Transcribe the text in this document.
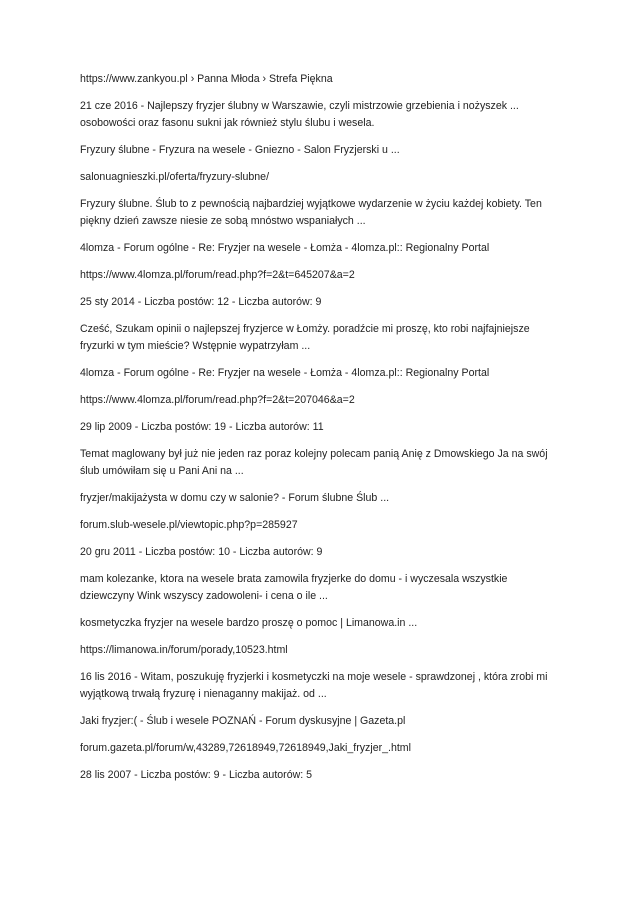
https://www.zankyou.pl › Panna Młoda › Strefa Piękna

21 cze 2016 - Najlepszy fryzjer ślubny w Warszawie, czyli mistrzowie grzebienia i nożyszek ...
osobowości oraz fasonu sukni jak również stylu ślubu i wesela.

Fryzury ślubne - Fryzura na wesele - Gniezno - Salon Fryzjerski u ...

salonuagnieszki.pl/oferta/fryzury-slubne/

Fryzury ślubne. Ślub to z pewnością najbardziej wyjątkowe wydarzenie w życiu każdej kobiety. Ten
piękny dzień zawsze niesie ze sobą mnóstwo wspaniałych ...

4lomza - Forum ogólne - Re: Fryzjer na wesele - Łomża - 4lomza.pl:: Regionalny Portal

https://www.4lomza.pl/forum/read.php?f=2&t=645207&a=2

25 sty 2014 - Liczba postów: 12 - Liczba autorów: 9

Cześć, Szukam opinii o najlepszej fryzjerce w Łomży. poradźcie mi proszę, kto robi najfajniejsze
fryzurki w tym mieście? Wstępnie wypatrzyłam ...

4lomza - Forum ogólne - Re: Fryzjer na wesele - Łomża - 4lomza.pl:: Regionalny Portal

https://www.4lomza.pl/forum/read.php?f=2&t=207046&a=2

29 lip 2009 - Liczba postów: 19 - Liczba autorów: 11

Temat maglowany był już nie jeden raz poraz kolejny polecam panią Anię z Dmowskiego Ja na swój
ślub umówiłam się u Pani Ani na ...

fryzjer/makijażysta w domu czy w salonie? - Forum ślubne Ślub ...

forum.slub-wesele.pl/viewtopic.php?p=285927

20 gru 2011 - Liczba postów: 10 - Liczba autorów: 9

mam kolezanke, ktora na wesele brata zamowila fryzjerke do domu - i wyczesala wszystkie
dziewczyny Wink wszyscy zadowoleni- i cena o ile ...

kosmetyczka fryzjer na wesele bardzo proszę o pomoc | Limanowa.in ...

https://limanowa.in/forum/porady,10523.html

16 lis 2016 - Witam, poszukuję fryzjerki i kosmetyczki na moje wesele - sprawdzonej , która zrobi mi
wyjątkową trwałą fryzurę i nienaganny makijaż. od ...

Jaki fryzjer:( - Ślub i wesele POZNAŃ - Forum dyskusyjne | Gazeta.pl

forum.gazeta.pl/forum/w,43289,72618949,72618949,Jaki_fryzjer_.html

28 lis 2007 - Liczba postów: 9 - Liczba autorów: 5
